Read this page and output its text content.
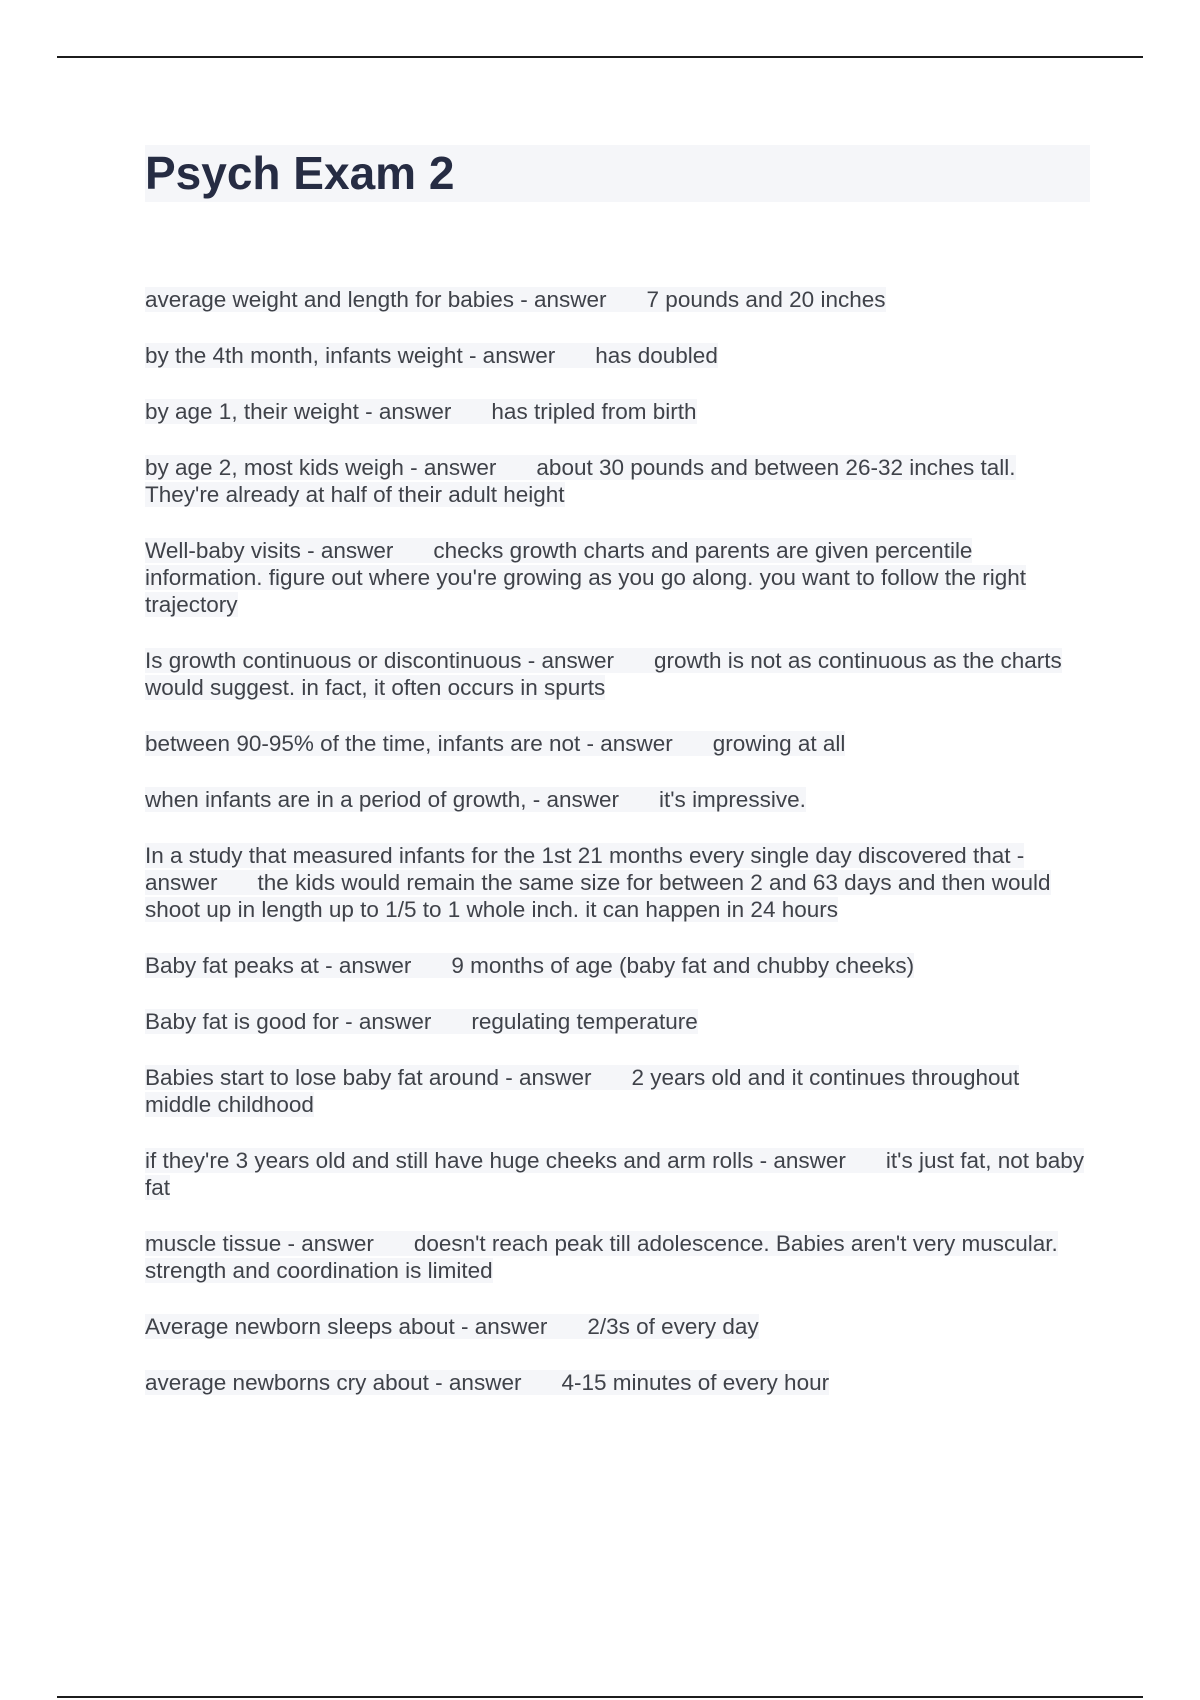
Psych Exam 2
average weight and length for babies - answer 7 pounds and 20 inches
by the 4th month, infants weight - answer has doubled
by age 1, their weight - answer has tripled from birth
by age 2, most kids weigh - answer about 30 pounds and between 26-32 inches tall. They're already at half of their adult height
Well-baby visits - answer checks growth charts and parents are given percentile information. figure out where you're growing as you go along. you want to follow the right trajectory
Is growth continuous or discontinuous - answer growth is not as continuous as the charts would suggest. in fact, it often occurs in spurts
between 90-95% of the time, infants are not - answer growing at all
when infants are in a period of growth, - answer it's impressive.
In a study that measured infants for the 1st 21 months every single day discovered that - answer the kids would remain the same size for between 2 and 63 days and then would shoot up in length up to 1/5 to 1 whole inch. it can happen in 24 hours
Baby fat peaks at - answer 9 months of age (baby fat and chubby cheeks)
Baby fat is good for - answer regulating temperature
Babies start to lose baby fat around - answer 2 years old and it continues throughout middle childhood
if they're 3 years old and still have huge cheeks and arm rolls - answer it's just fat, not baby fat
muscle tissue - answer doesn't reach peak till adolescence. Babies aren't very muscular. strength and coordination is limited
Average newborn sleeps about - answer 2/3s of every day
average newborns cry about - answer 4-15 minutes of every hour
